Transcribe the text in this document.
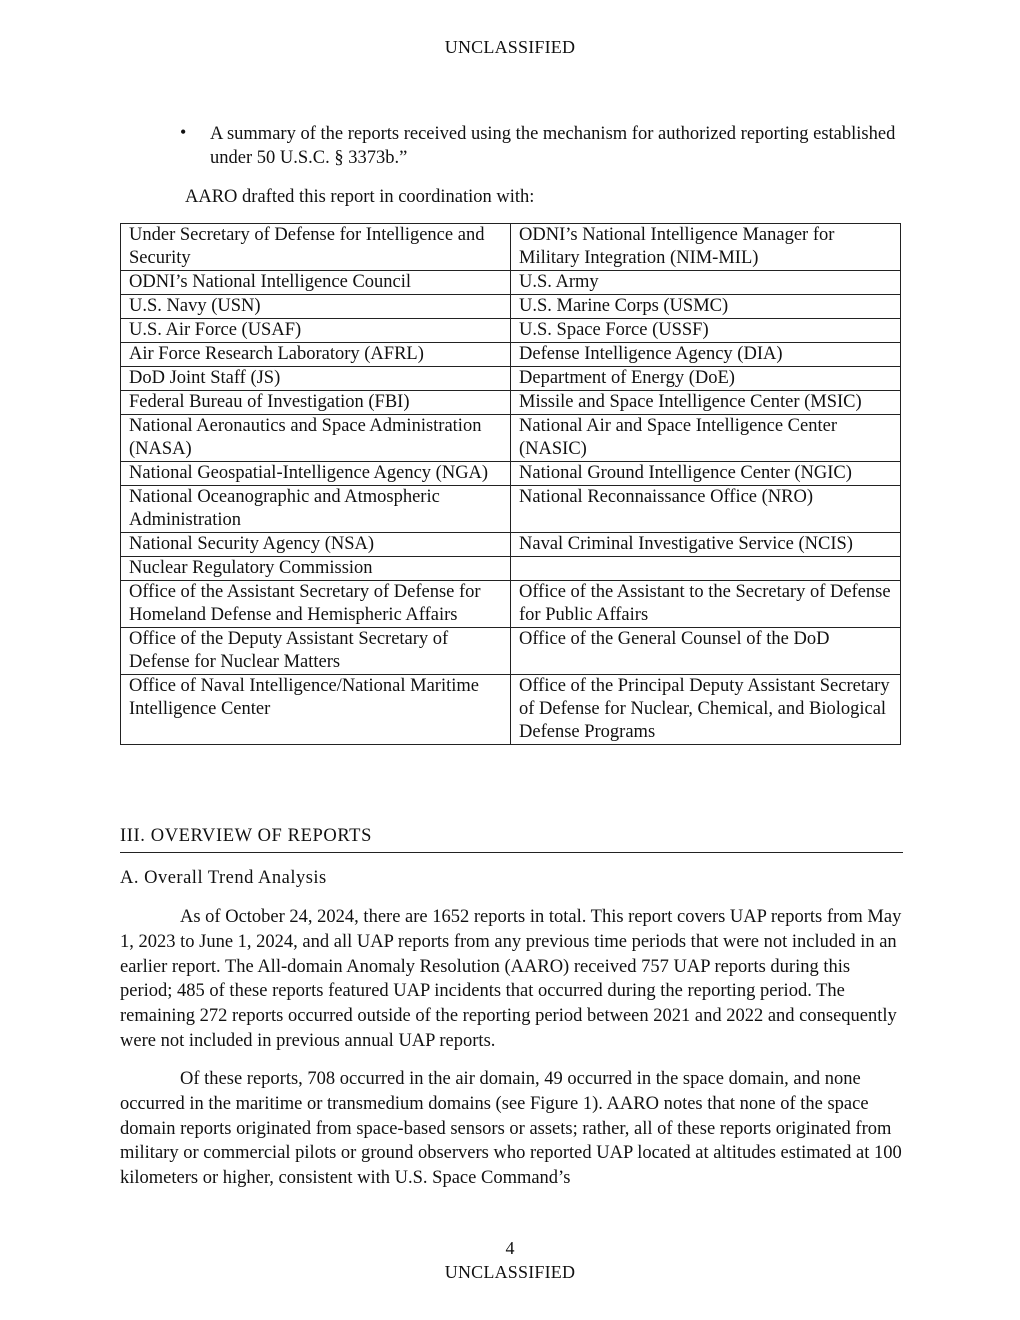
UNCLASSIFIED
• A summary of the reports received using the mechanism for authorized reporting established under 50 U.S.C. § 3373b.”
AARO drafted this report in coordination with:
Under Secretary of Defense for Intelligence and Security	ODNI’s National Intelligence Manager for Military Integration (NIM-MIL)
ODNI’s National Intelligence Council	U.S. Army
U.S. Navy (USN)	U.S. Marine Corps (USMC)
U.S. Air Force (USAF)	U.S. Space Force (USSF)
Air Force Research Laboratory (AFRL)	Defense Intelligence Agency (DIA)
DoD Joint Staff (JS)	Department of Energy (DoE)
Federal Bureau of Investigation (FBI)	Missile and Space Intelligence Center (MSIC)
National Aeronautics and Space Administration (NASA)	National Air and Space Intelligence Center (NASIC)
National Geospatial-Intelligence Agency (NGA)	National Ground Intelligence Center (NGIC)
National Oceanographic and Atmospheric Administration	National Reconnaissance Office (NRO)
National Security Agency (NSA)	Naval Criminal Investigative Service (NCIS)
Nuclear Regulatory Commission	
Office of the Assistant Secretary of Defense for Homeland Defense and Hemispheric Affairs	Office of the Assistant to the Secretary of Defense for Public Affairs
Office of the Deputy Assistant Secretary of Defense for Nuclear Matters	Office of the General Counsel of the DoD
Office of Naval Intelligence/National Maritime Intelligence Center	Office of the Principal Deputy Assistant Secretary of Defense for Nuclear, Chemical, and Biological Defense Programs
III. OVERVIEW OF REPORTS
A. Overall Trend Analysis

As of October 24, 2024, there are 1652 reports in total. This report covers UAP reports from May 1, 2023 to June 1, 2024, and all UAP reports from any previous time periods that were not included in an earlier report. The All-domain Anomaly Resolution (AARO) received 757 UAP reports during this period; 485 of these reports featured UAP incidents that occurred during the reporting period. The remaining 272 reports occurred outside of the reporting period between 2021 and 2022 and consequently were not included in previous annual UAP reports.

Of these reports, 708 occurred in the air domain, 49 occurred in the space domain, and none occurred in the maritime or transmedium domains (see Figure 1). AARO notes that none of the space domain reports originated from space-based sensors or assets; rather, all of these reports originated from military or commercial pilots or ground observers who reported UAP located at altitudes estimated at 100 kilometers or higher, consistent with U.S. Space Command’s

4
UNCLASSIFIED
